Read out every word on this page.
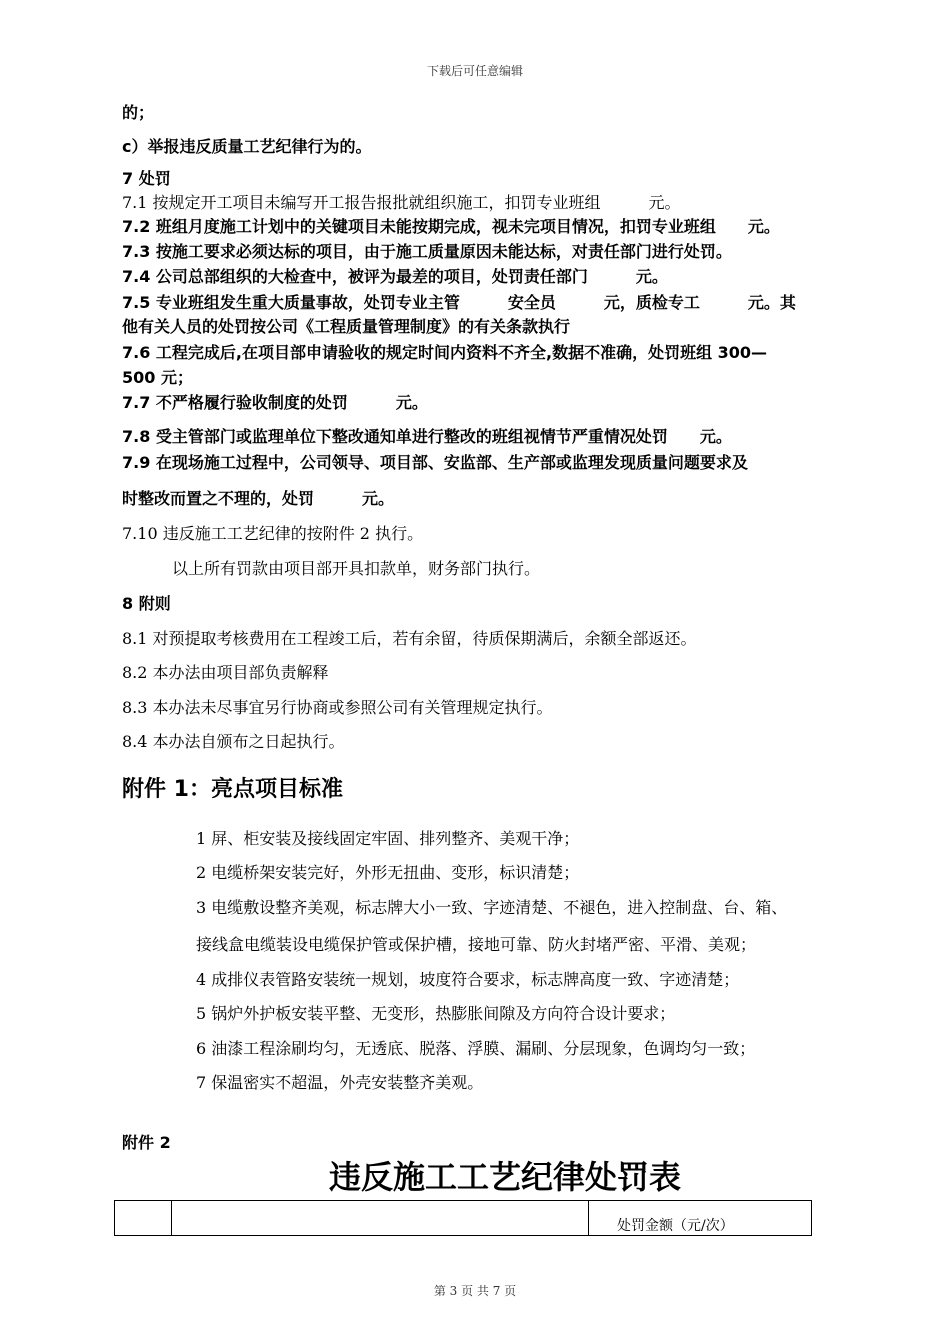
下载后可任意编辑
的；
c）举报违反质量工艺纪律行为的。
7 处罚
7.1 按规定开工项目未编写开工报告报批就组织施工，扣罚专业班组　　　元。
7.2 班组月度施工计划中的关键项目未能按期完成，视未完项目情况，扣罚专业班组　　元。
7.3 按施工要求必须达标的项目，由于施工质量原因未能达标，对责任部门进行处罚。
7.4 公司总部组织的大检查中，被评为最差的项目，处罚责任部门　　　元。
7.5 专业班组发生重大质量事故，处罚专业主管　　　安全员　　　元，质检专工　　　元。其
他有关人员的处罚按公司《工程质量管理制度》的有关条款执行
7.6 工程完成后,在项目部申请验收的规定时间内资料不齐全,数据不准确，处罚班组 300—
500 元；
7.7 不严格履行验收制度的处罚　　　元。
7.8 受主管部门或监理单位下整改通知单进行整改的班组视情节严重情况处罚　　元。
7.9 在现场施工过程中，公司领导、项目部、安监部、生产部或监理发现质量问题要求及
时整改而置之不理的，处罚　　　元。
7.10 违反施工工艺纪律的按附件 2 执行。
以上所有罚款由项目部开具扣款单，财务部门执行。
8 附则
8.1 对预提取考核费用在工程竣工后，若有余留，待质保期满后，余额全部返还。
8.2 本办法由项目部负责解释
8.3 本办法未尽事宜另行协商或参照公司有关管理规定执行。
8.4 本办法自颁布之日起执行。
附件 1：亮点项目标准
1 屏、柜安装及接线固定牢固、排列整齐、美观干净；
2 电缆桥架安装完好，外形无扭曲、变形，标识清楚；
3 电缆敷设整齐美观，标志牌大小一致、字迹清楚、不褪色，进入控制盘、台、箱、
接线盒电缆装设电缆保护管或保护槽，接地可靠、防火封堵严密、平滑、美观；
4 成排仪表管路安装统一规划，坡度符合要求，标志牌高度一致、字迹清楚；
5 锅炉外护板安装平整、无变形，热膨胀间隙及方向符合设计要求；
6 油漆工程涂刷均匀，无透底、脱落、浮膜、漏刷、分层现象，色调均匀一致；
7 保温密实不超温，外壳安装整齐美观。
附件 2
违反施工工艺纪律处罚表
		处罚金额（元/次）
第 3 页 共 7 页
